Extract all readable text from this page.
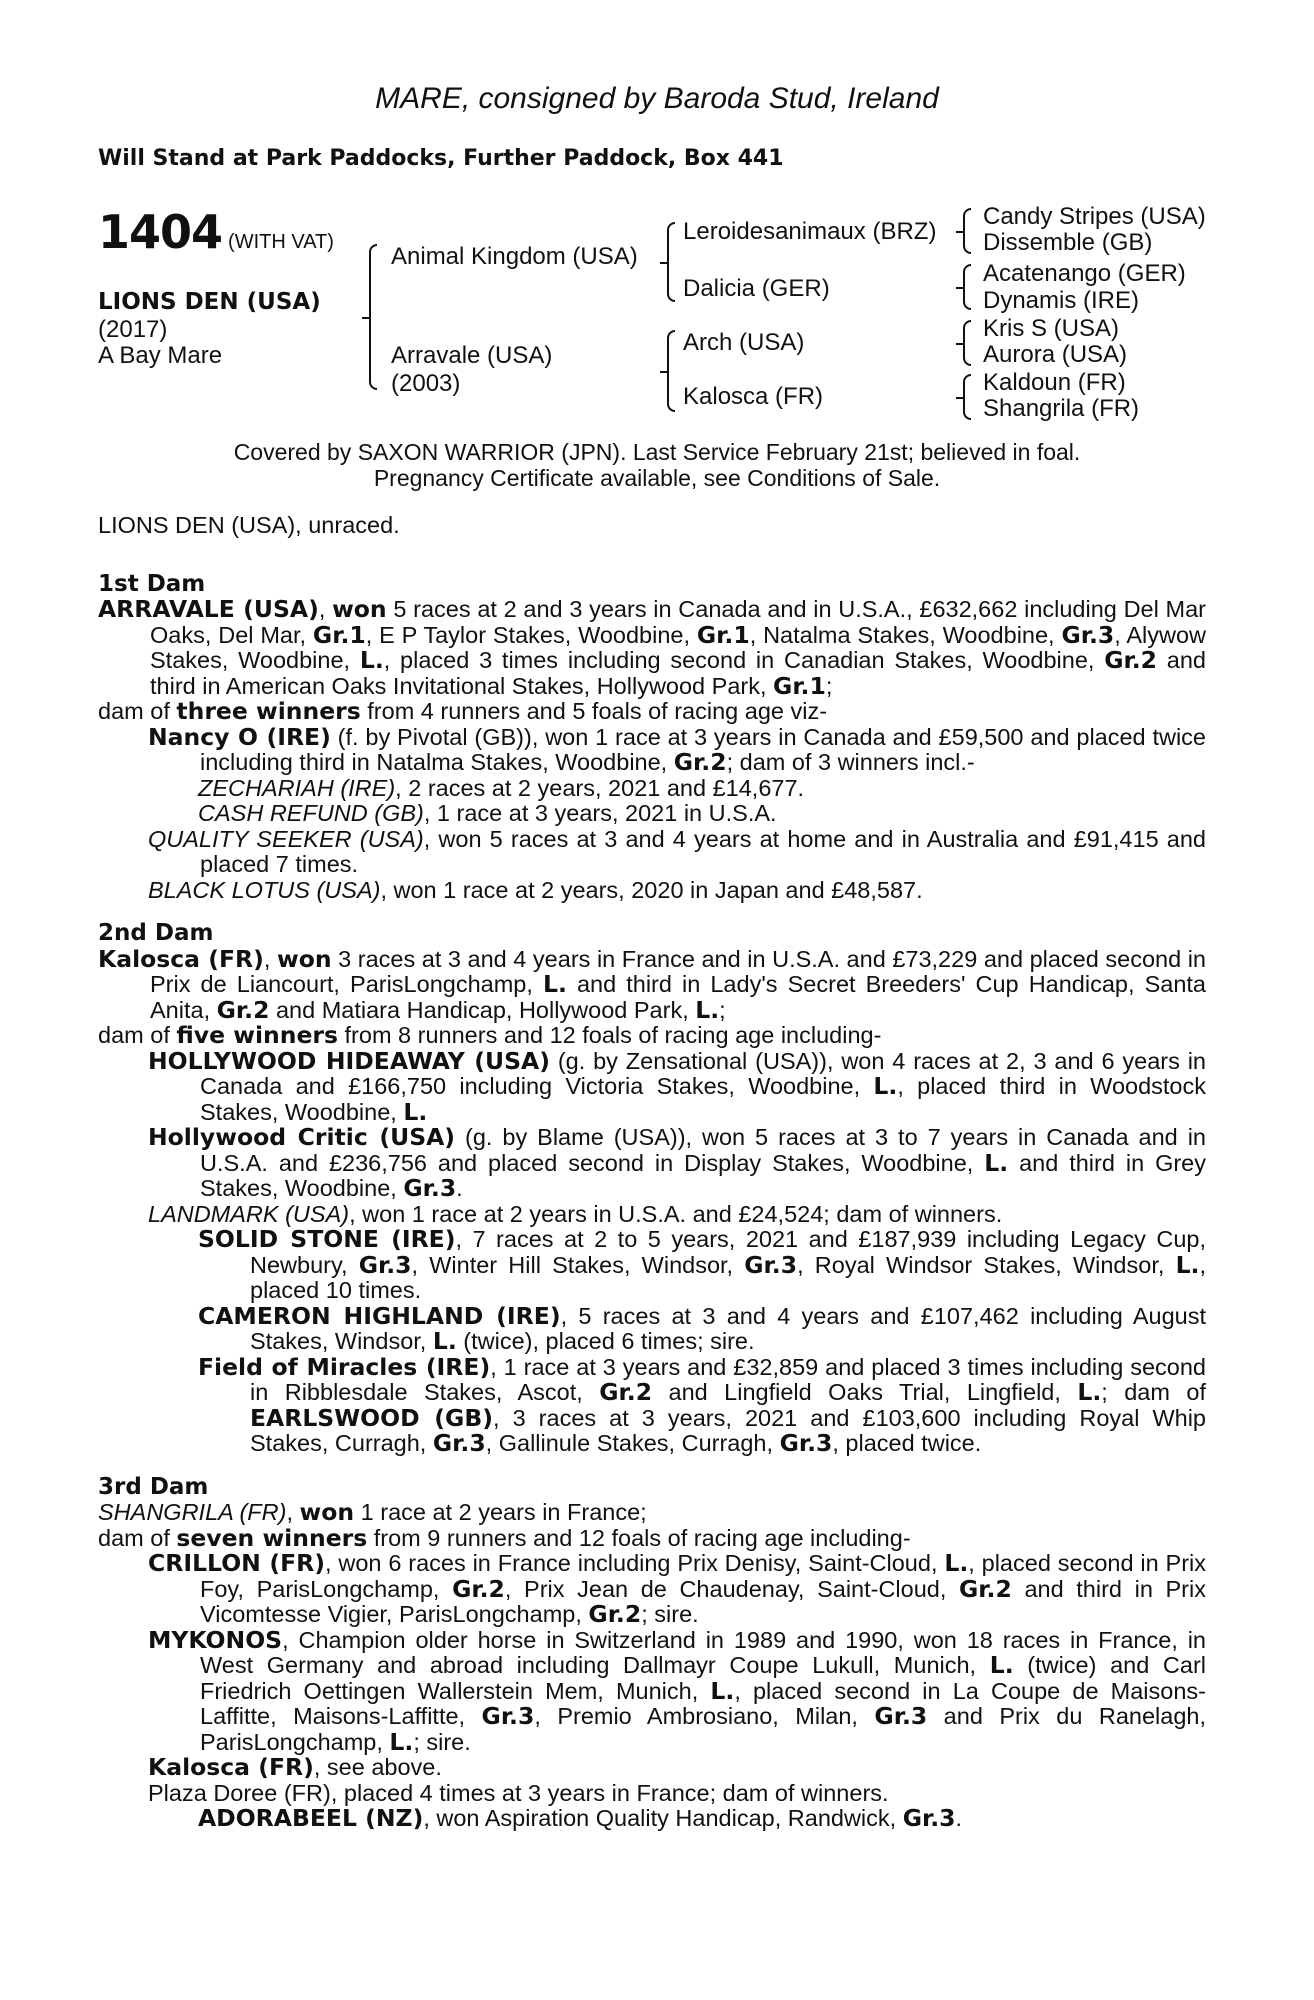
MARE, consigned by Baroda Stud, Ireland
Will Stand at Park Paddocks, Further Paddock, Box 441
1404 (WITH VAT)
LIONS DEN (USA)
(2017)
A Bay Mare
Animal Kingdom (USA)
Arravale (USA)
(2003)
Leroidesanimaux (BRZ)
Dalicia (GER)
Arch (USA)
Kalosca (FR)
Candy Stripes (USA)
Dissemble (GB)
Acatenango (GER)
Dynamis (IRE)
Kris S (USA)
Aurora (USA)
Kaldoun (FR)
Shangrila (FR)
Covered by SAXON WARRIOR (JPN). Last Service February 21st; believed in foal.
Pregnancy Certificate available, see Conditions of Sale.

LIONS DEN (USA), unraced.

1st Dam

ARRAVALE (USA), won 5 races at 2 and 3 years in Canada and in U.S.A., £632,662 including Del Mar Oaks, Del Mar, Gr.1, E P Taylor Stakes, Woodbine, Gr.1, Natalma Stakes, Woodbine, Gr.3, Alywow Stakes, Woodbine, L., placed 3 times including second in Canadian Stakes, Woodbine, Gr.2 and third in American Oaks Invitational Stakes, Hollywood Park, Gr.1;

dam of three winners from 4 runners and 5 foals of racing age viz-

Nancy O (IRE) (f. by Pivotal (GB)), won 1 race at 3 years in Canada and £59,500 and placed twice including third in Natalma Stakes, Woodbine, Gr.2; dam of 3 winners incl.-

ZECHARIAH (IRE), 2 races at 2 years, 2021 and £14,677.

CASH REFUND (GB), 1 race at 3 years, 2021 in U.S.A.

QUALITY SEEKER (USA), won 5 races at 3 and 4 years at home and in Australia and £91,415 and placed 7 times.

BLACK LOTUS (USA), won 1 race at 2 years, 2020 in Japan and £48,587.

2nd Dam

Kalosca (FR), won 3 races at 3 and 4 years in France and in U.S.A. and £73,229 and placed second in Prix de Liancourt, ParisLongchamp, L. and third in Lady's Secret Breeders' Cup Handicap, Santa Anita, Gr.2 and Matiara Handicap, Hollywood Park, L.;

dam of five winners from 8 runners and 12 foals of racing age including-

HOLLYWOOD HIDEAWAY (USA) (g. by Zensational (USA)), won 4 races at 2, 3 and 6 years in Canada and £166,750 including Victoria Stakes, Woodbine, L., placed third in Woodstock Stakes, Woodbine, L.

Hollywood Critic (USA) (g. by Blame (USA)), won 5 races at 3 to 7 years in Canada and in U.S.A. and £236,756 and placed second in Display Stakes, Woodbine, L. and third in Grey Stakes, Woodbine, Gr.3.

LANDMARK (USA), won 1 race at 2 years in U.S.A. and £24,524; dam of winners.

SOLID STONE (IRE), 7 races at 2 to 5 years, 2021 and £187,939 including Legacy Cup, Newbury, Gr.3, Winter Hill Stakes, Windsor, Gr.3, Royal Windsor Stakes, Windsor, L., placed 10 times.

CAMERON HIGHLAND (IRE), 5 races at 3 and 4 years and £107,462 including August Stakes, Windsor, L. (twice), placed 6 times; sire.

Field of Miracles (IRE), 1 race at 3 years and £32,859 and placed 3 times including second in Ribblesdale Stakes, Ascot, Gr.2 and Lingfield Oaks Trial, Lingfield, L.; dam of EARLSWOOD (GB), 3 races at 3 years, 2021 and £103,600 including Royal Whip Stakes, Curragh, Gr.3, Gallinule Stakes, Curragh, Gr.3, placed twice.

3rd Dam

SHANGRILA (FR), won 1 race at 2 years in France;

dam of seven winners from 9 runners and 12 foals of racing age including-

CRILLON (FR), won 6 races in France including Prix Denisy, Saint-Cloud, L., placed second in Prix Foy, ParisLongchamp, Gr.2, Prix Jean de Chaudenay, Saint-Cloud, Gr.2 and third in Prix Vicomtesse Vigier, ParisLongchamp, Gr.2; sire.

MYKONOS, Champion older horse in Switzerland in 1989 and 1990, won 18 races in France, in West Germany and abroad including Dallmayr Coupe Lukull, Munich, L. (twice) and Carl Friedrich Oettingen Wallerstein Mem, Munich, L., placed second in La Coupe de Maisons-Laffitte, Maisons-Laffitte, Gr.3, Premio Ambrosiano, Milan, Gr.3 and Prix du Ranelagh, ParisLongchamp, L.; sire.

Kalosca (FR), see above.

Plaza Doree (FR), placed 4 times at 3 years in France; dam of winners.

ADORABEEL (NZ), won Aspiration Quality Handicap, Randwick, Gr.3.
